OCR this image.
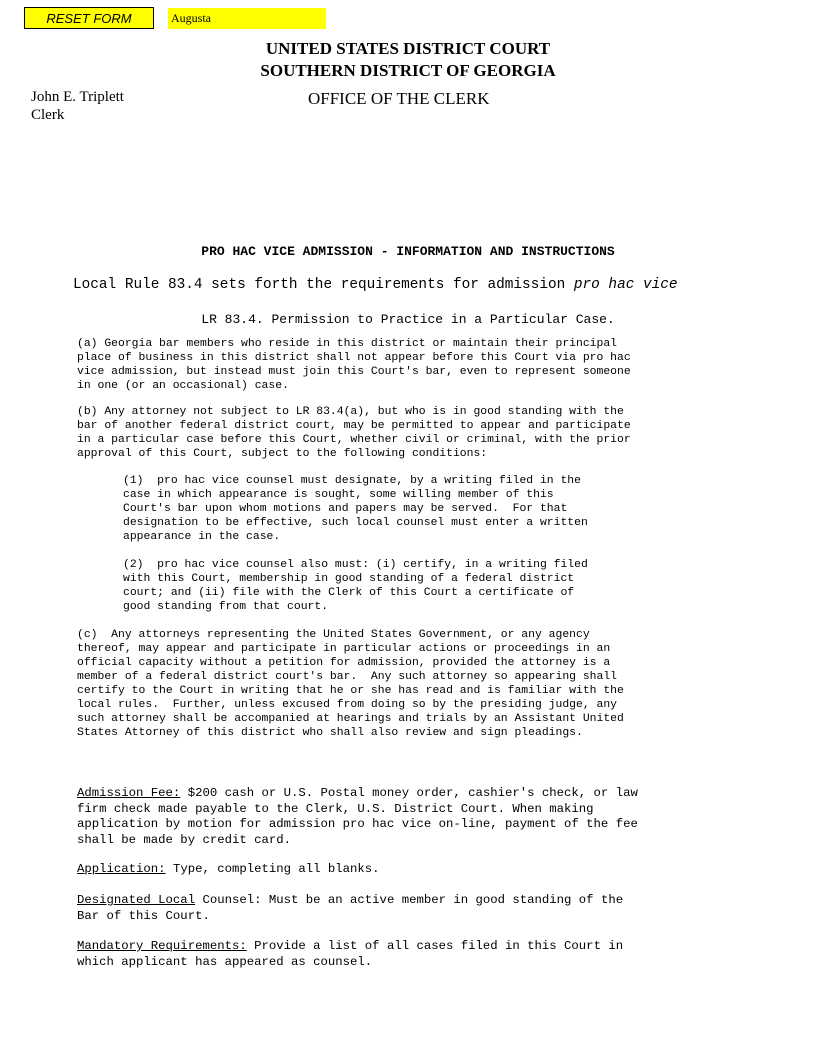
RESET FORM
Augusta
UNITED STATES DISTRICT COURT
SOUTHERN DISTRICT OF GEORGIA
OFFICE OF THE CLERK
John E. Triplett
Clerk
PRO HAC VICE ADMISSION - INFORMATION AND INSTRUCTIONS
Local Rule 83.4 sets forth the requirements for admission pro hac vice
LR 83.4. Permission to Practice in a Particular Case.
(a) Georgia bar members who reside in this district or maintain their principal
place of business in this district shall not appear before this Court via pro hac
vice admission, but instead must join this Court's bar, even to represent someone
in one (or an occasional) case.
(b) Any attorney not subject to LR 83.4(a), but who is in good standing with the
bar of another federal district court, may be permitted to appear and participate
in a particular case before this Court, whether civil or criminal, with the prior
approval of this Court, subject to the following conditions:
(1)  pro hac vice counsel must designate, by a writing filed in the
case in which appearance is sought, some willing member of this
Court's bar upon whom motions and papers may be served.  For that
designation to be effective, such local counsel must enter a written
appearance in the case.
(2)  pro hac vice counsel also must: (i) certify, in a writing filed
with this Court, membership in good standing of a federal district
court; and (ii) file with the Clerk of this Court a certificate of
good standing from that court.
(c)  Any attorneys representing the United States Government, or any agency
thereof, may appear and participate in particular actions or proceedings in an
official capacity without a petition for admission, provided the attorney is a
member of a federal district court's bar.  Any such attorney so appearing shall
certify to the Court in writing that he or she has read and is familiar with the
local rules.  Further, unless excused from doing so by the presiding judge, any
such attorney shall be accompanied at hearings and trials by an Assistant United
States Attorney of this district who shall also review and sign pleadings.
Admission Fee: $200 cash or U.S. Postal money order, cashier's check, or law
firm check made payable to the Clerk, U.S. District Court. When making
application by motion for admission pro hac vice on-line, payment of the fee
shall be made by credit card.
Application: Type, completing all blanks.
Designated Local Counsel: Must be an active member in good standing of the
Bar of this Court.
Mandatory Requirements: Provide a list of all cases filed in this Court in
which applicant has appeared as counsel.
